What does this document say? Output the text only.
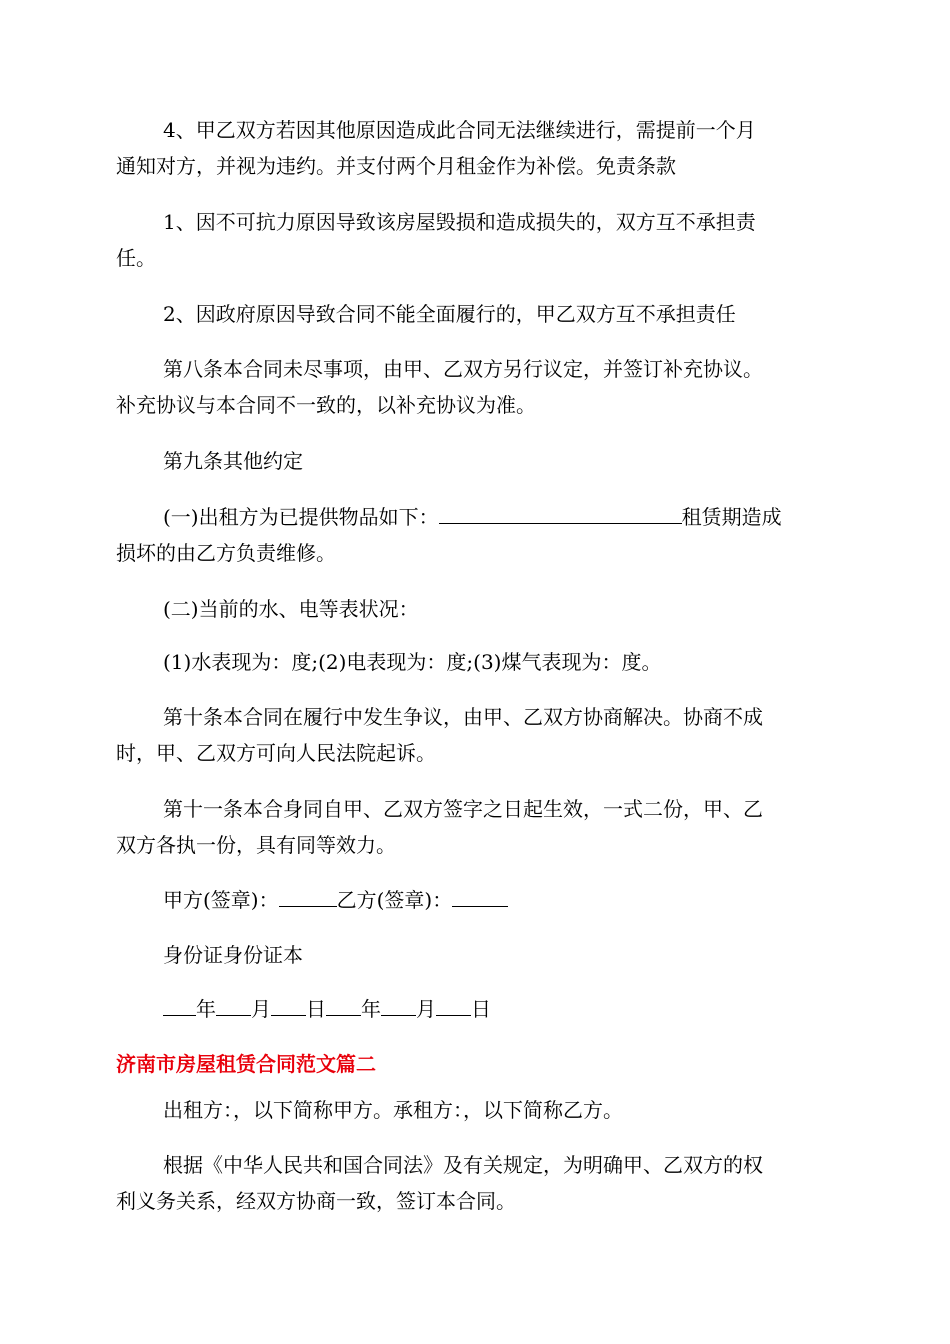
4、甲乙双方若因其他原因造成此合同无法继续进行，需提前一个月
通知对方，并视为违约。并支付两个月租金作为补偿。免责条款
1、因不可抗力原因导致该房屋毁损和造成损失的，双方互不承担责
任。
2、因政府原因导致合同不能全面履行的，甲乙双方互不承担责任
第八条本合同未尽事项，由甲、乙双方另行议定，并签订补充协议。
补充协议与本合同不一致的，以补充协议为准。
第九条其他约定
(一)出租方为已提供物品如下：	租赁期造成
损坏的由乙方负责维修。
(二)当前的水、电等表状况：
(1)水表现为：度;(2)电表现为：度;(3)煤气表现为：度。
第十条本合同在履行中发生争议，由甲、乙双方协商解决。协商不成
时，甲、乙双方可向人民法院起诉。
第十一条本合身同自甲、乙双方签字之日起生效，一式二份，甲、乙
双方各执一份，具有同等效力。
甲方(签章)：	乙方(签章)：
身份证身份证本
年 月 日 年 月 日
济南市房屋租赁合同范文篇二
出租方：，以下简称甲方。承租方：，以下简称乙方。
根据《中华人民共和国合同法》及有关规定，为明确甲、乙双方的权
利义务关系，经双方协商一致，签订本合同。
